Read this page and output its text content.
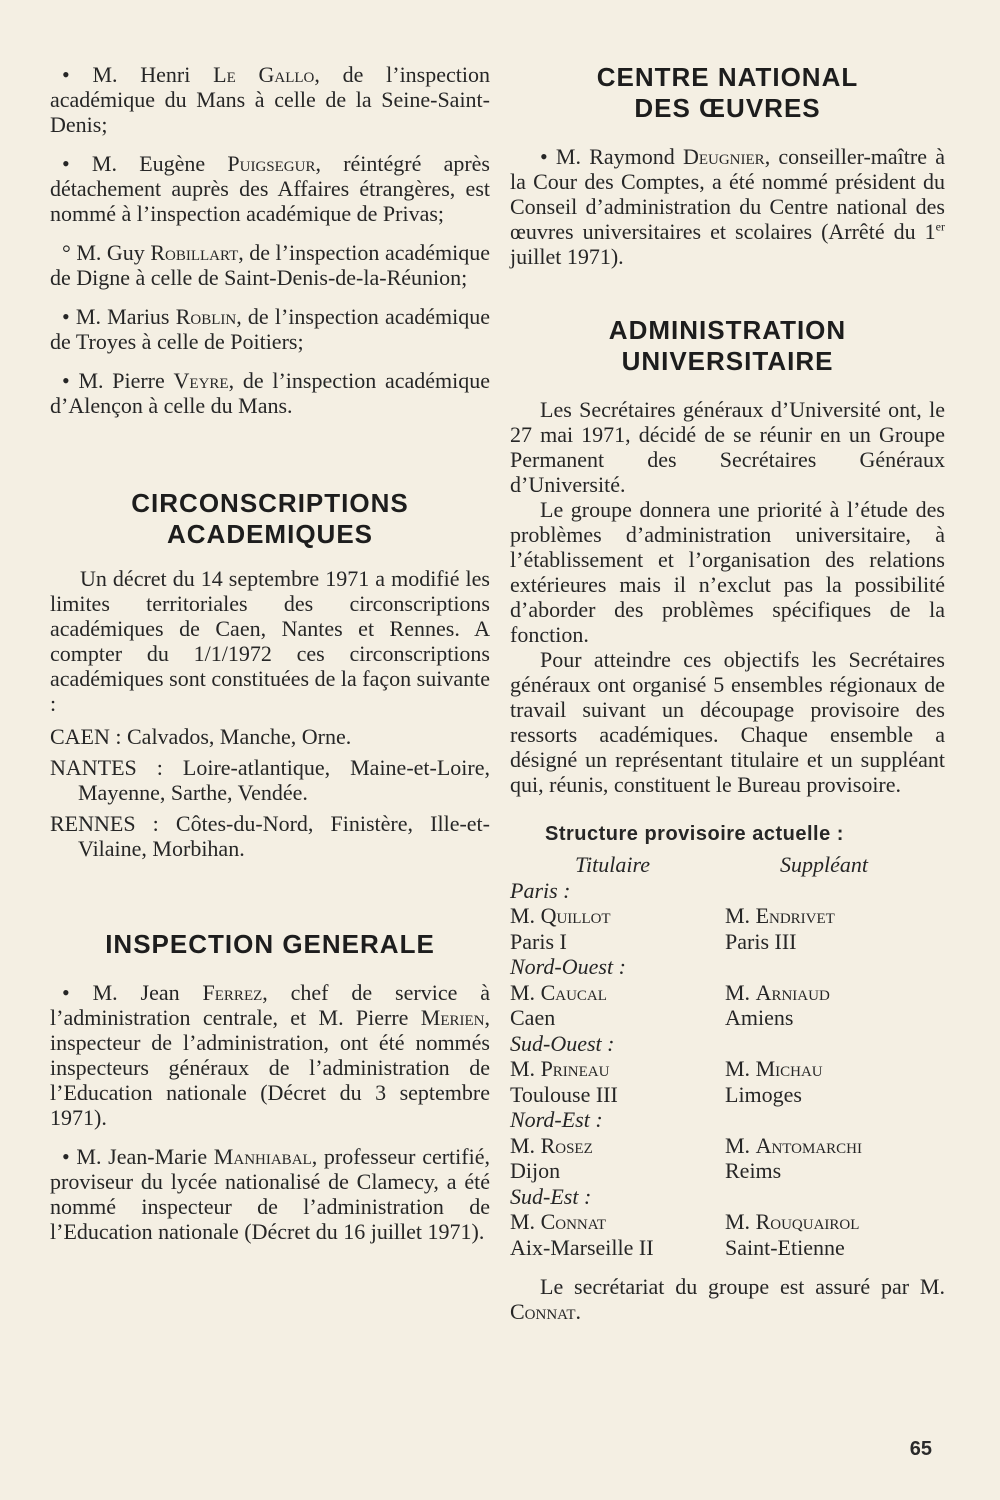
• M. Henri Le Gallo, de l’inspection académique du Mans à celle de la Seine-Saint-Denis;

• M. Eugène Puigsegur, réintégré après détachement auprès des Affaires étrangères, est nommé à l’inspection académique de Privas;

° M. Guy Robillart, de l’inspection académique de Digne à celle de Saint-Denis-de-la-Réunion;

• M. Marius Roblin, de l’inspection académique de Troyes à celle de Poitiers;

• M. Pierre Veyre, de l’inspection académique d’Alençon à celle du Mans.

CIRCONSCRIPTIONS
ACADEMIQUES

Un décret du 14 septembre 1971 a modifié les limites territoriales des circonscriptions académiques de Caen, Nantes et Rennes. A compter du 1/1/1972 ces circonscriptions académiques sont constituées de la façon suivante :

CAEN : Calvados, Manche, Orne.

NANTES : Loire-atlantique, Maine-et-Loire, Mayenne, Sarthe, Vendée.

RENNES : Côtes-du-Nord, Finistère, Ille-et-Vilaine, Morbihan.

INSPECTION GENERALE

• M. Jean Ferrez, chef de service à l’administration centrale, et M. Pierre Merien, inspecteur de l’administration, ont été nommés inspecteurs généraux de l’administration de l’Education nationale (Décret du 3 septembre 1971).

• M. Jean-Marie Manhiabal, professeur certifié, proviseur du lycée nationalisé de Clamecy, a été nommé inspecteur de l’administration de l’Education nationale (Décret du 16 juillet 1971).

CENTRE NATIONAL
DES ŒUVRES

• M. Raymond Deugnier, conseiller-maître à la Cour des Comptes, a été nommé président du Conseil d’administration du Centre national des œuvres universitaires et scolaires (Arrêté du 1er juillet 1971).

ADMINISTRATION
UNIVERSITAIRE

Les Secrétaires généraux d’Université ont, le 27 mai 1971, décidé de se réunir en un Groupe Permanent des Secrétaires Généraux d’Université.

Le groupe donnera une priorité à l’étude des problèmes d’administration universitaire, à l’établissement et l’organisation des relations extérieures mais il n’exclut pas la possibilité d’aborder des problèmes spécifiques de la fonction.

Pour atteindre ces objectifs les Secrétaires généraux ont organisé 5 ensembles régionaux de travail suivant un découpage provisoire des ressorts académiques. Chaque ensemble a désigné un représentant titulaire et un suppléant qui, réunis, constituent le Bureau provisoire.

Structure provisoire actuelle :
Titulaire	Suppléant
Paris :
M. Quillot	M. Endrivet
Paris I	Paris III
Nord-Ouest :
M. Caucal	M. Arniaud
Caen	Amiens
Sud-Ouest :
M. Prineau	M. Michau
Toulouse III	Limoges
Nord-Est :
M. Rosez	M. Antomarchi
Dijon	Reims
Sud-Est :
M. Connat	M. Rouquairol
Aix-Marseille II	Saint-Etienne

Le secrétariat du groupe est assuré par M. Connat.

65
